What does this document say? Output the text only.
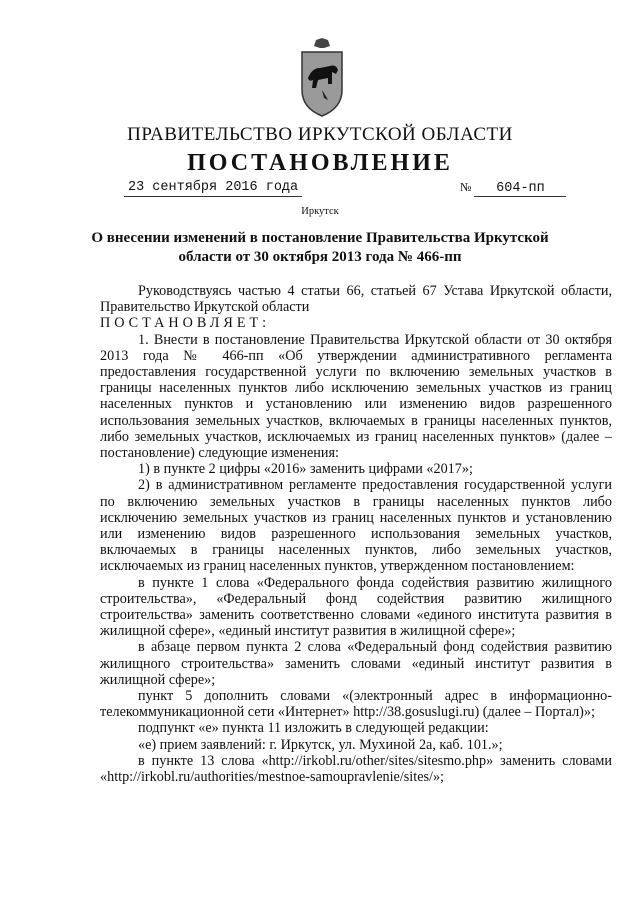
ПРАВИТЕЛЬСТВО ИРКУТСКОЙ ОБЛАСТИ
ПОСТАНОВЛЕНИЕ
23 сентября 2016 года	№ 604-пп
Иркутск
О внесении изменений в постановление Правительства Иркутской области от 30 октября 2013 года № 466-пп

Руководствуясь частью 4 статьи 66, статьей 67 Устава Иркутской области, Правительство Иркутской области

ПОСТАНОВЛЯЕТ:

1. Внести в постановление Правительства Иркутской области от 30 октября 2013 года № 466-пп «Об утверждении административного регламента предоставления государственной услуги по включению земельных участков в границы населенных пунктов либо исключению земельных участков из границ населенных пунктов и установлению или изменению видов разрешенного использования земельных участков, включаемых в границы населенных пунктов, либо земельных участков, исключаемых из границ населенных пунктов» (далее – постановление) следующие изменения:

1) в пункте 2 цифры «2016» заменить цифрами «2017»;

2) в административном регламенте предоставления государственной услуги по включению земельных участков в границы населенных пунктов либо исключению земельных участков из границ населенных пунктов и установлению или изменению видов разрешенного использования земельных участков, включаемых в границы населенных пунктов, либо земельных участков, исключаемых из границ населенных пунктов, утвержденном постановлением:

в пункте 1 слова «Федерального фонда содействия развитию жилищного строительства», «Федеральный фонд содействия развитию жилищного строительства» заменить соответственно словами «единого института развития в жилищной сфере», «единый институт развития в жилищной сфере»;

в абзаце первом пункта 2 слова «Федеральный фонд содействия развитию жилищного строительства» заменить словами «единый институт развития в жилищной сфере»;

пункт 5 дополнить словами «(электронный адрес в информационно-телекоммуникационной сети «Интернет» http://38.gosuslugi.ru) (далее – Портал)»;

подпункт «е» пункта 11 изложить в следующей редакции:

«е) прием заявлений: г. Иркутск, ул. Мухиной 2а, каб. 101.»;

в пункте 13 слова «http://irkobl.ru/other/sites/sitesmo.php» заменить словами «http://irkobl.ru/authorities/mestnoe-samoupravlenie/sites/»;
